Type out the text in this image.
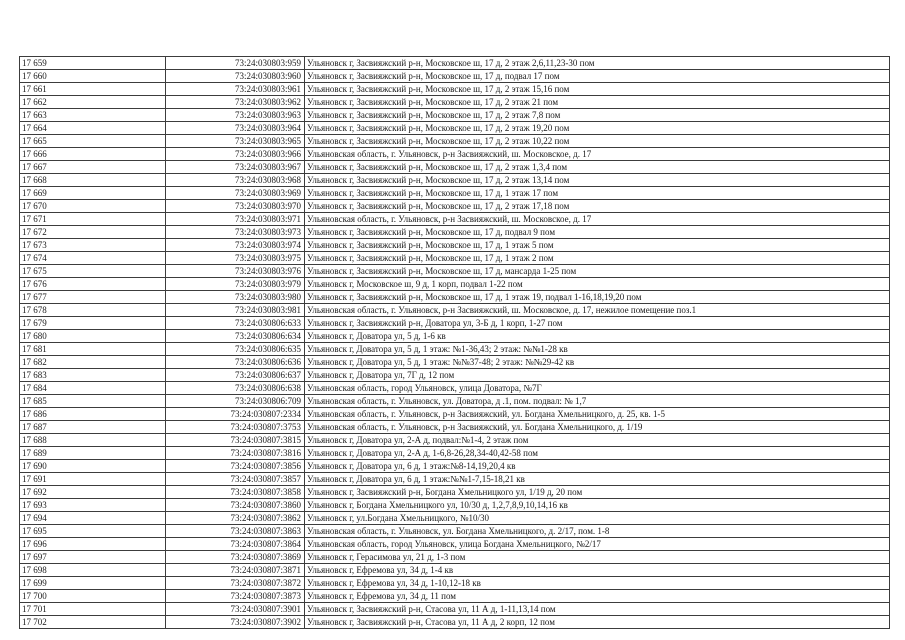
17 659	73:24:030803:959	Ульяновск г, Засвияжский р-н, Московское ш, 17 д, 2 этаж 2,6,11,23-30 пом
17 660	73:24:030803:960	Ульяновск г, Засвияжский р-н, Московское ш, 17 д, подвал 17 пом
17 661	73:24:030803:961	Ульяновск г, Засвияжский р-н, Московское ш, 17 д, 2 этаж 15,16 пом
17 662	73:24:030803:962	Ульяновск г, Засвияжский р-н, Московское ш, 17 д, 2 этаж 21 пом
17 663	73:24:030803:963	Ульяновск г, Засвияжский р-н, Московское ш, 17 д, 2 этаж 7,8 пом
17 664	73:24:030803:964	Ульяновск г, Засвияжский р-н, Московское ш, 17 д, 2 этаж 19,20 пом
17 665	73:24:030803:965	Ульяновск г, Засвияжский р-н, Московское ш, 17 д, 2 этаж 10,22 пом
17 666	73:24:030803:966	Ульяновская область, г. Ульяновск, р-н Засвияжский, ш. Московское, д. 17
17 667	73:24:030803:967	Ульяновск г, Засвияжский р-н, Московское ш, 17 д, 2 этаж 1,3,4 пом
17 668	73:24:030803:968	Ульяновск г, Засвияжский р-н, Московское ш, 17 д, 2 этаж 13,14 пом
17 669	73:24:030803:969	Ульяновск г, Засвияжский р-н, Московское ш, 17 д, 1 этаж 17 пом
17 670	73:24:030803:970	Ульяновск г, Засвияжский р-н, Московское ш, 17 д, 2 этаж 17,18 пом
17 671	73:24:030803:971	Ульяновская область, г. Ульяновск, р-н Засвияжский, ш. Московское, д. 17
17 672	73:24:030803:973	Ульяновск г, Засвияжский р-н, Московское ш, 17 д, подвал 9 пом
17 673	73:24:030803:974	Ульяновск г, Засвияжский р-н, Московское ш, 17 д, 1 этаж 5 пом
17 674	73:24:030803:975	Ульяновск г, Засвияжский р-н, Московское ш, 17 д, 1 этаж 2 пом
17 675	73:24:030803:976	Ульяновск г, Засвияжский р-н, Московское ш, 17 д, мансарда 1-25 пом
17 676	73:24:030803:979	Ульяновск г, Московское ш, 9 д, 1 корп, подвал 1-22 пом
17 677	73:24:030803:980	Ульяновск г, Засвияжский р-н, Московское ш, 17 д, 1 этаж 19, подвал 1-16,18,19,20 пом
17 678	73:24:030803:981	Ульяновская область, г. Ульяновск, р-н Засвияжский, ш. Московское, д. 17, нежилое помещение поз.1
17 679	73:24:030806:633	Ульяновск г, Засвияжский р-н, Доватора ул, 3-Б д, 1 корп, 1-27 пом
17 680	73:24:030806:634	Ульяновск г, Доватора ул, 5 д, 1-6 кв
17 681	73:24:030806:635	Ульяновск г, Доватора ул, 5 д, 1 этаж: №1-36,43; 2 этаж: №№1-28 кв
17 682	73:24:030806:636	Ульяновск г, Доватора ул, 5 д, 1 этаж: №№37-48; 2 этаж: №№29-42 кв
17 683	73:24:030806:637	Ульяновск г, Доватора ул, 7Г д, 12 пом
17 684	73:24:030806:638	Ульяновская область, город Ульяновск, улица Доватора, №7Г
17 685	73:24:030806:709	Ульяновская область, г. Ульяновск, ул. Доватора, д .1, пом. подвал: № 1,7
17 686	73:24:030807:2334	Ульяновская область, г. Ульяновск, р-н Засвияжский, ул. Богдана Хмельницкого, д. 25, кв. 1-5
17 687	73:24:030807:3753	Ульяновская область, г. Ульяновск, р-н Засвияжский, ул. Богдана Хмельницкого, д. 1/19
17 688	73:24:030807:3815	Ульяновск г, Доватора ул, 2-А д, подвал:№1-4, 2 этаж пом
17 689	73:24:030807:3816	Ульяновск г, Доватора ул, 2-А д, 1-6,8-26,28,34-40,42-58 пом
17 690	73:24:030807:3856	Ульяновск г, Доватора ул, 6 д, 1 этаж:№8-14,19,20,4 кв
17 691	73:24:030807:3857	Ульяновск г, Доватора ул, 6 д, 1 этаж:№№1-7,15-18,21 кв
17 692	73:24:030807:3858	Ульяновск г, Засвияжский р-н, Богдана Хмельницкого ул, 1/19 д, 20 пом
17 693	73:24:030807:3860	Ульяновск г, Богдана Хмельницкого ул, 10/30 д, 1,2,7,8,9,10,14,16 кв
17 694	73:24:030807:3862	Ульяновск г, ул.Богдана Хмельницкого, №10/30
17 695	73:24:030807:3863	Ульяновская область, г. Ульяновск, ул. Богдана Хмельницкого, д. 2/17, пом. 1-8
17 696	73:24:030807:3864	Ульяновская область, город Ульяновск, улица Богдана Хмельницкого, №2/17
17 697	73:24:030807:3869	Ульяновск г, Герасимова ул, 21 д, 1-3 пом
17 698	73:24:030807:3871	Ульяновск г, Ефремова ул, 34 д, 1-4 кв
17 699	73:24:030807:3872	Ульяновск г, Ефремова ул, 34 д, 1-10,12-18 кв
17 700	73:24:030807:3873	Ульяновск г, Ефремова ул, 34 д, 11 пом
17 701	73:24:030807:3901	Ульяновск г, Засвияжский р-н, Стасова ул, 11 А д, 1-11,13,14 пом
17 702	73:24:030807:3902	Ульяновск г, Засвияжский р-н, Стасова ул, 11 А д, 2 корп, 12 пом
